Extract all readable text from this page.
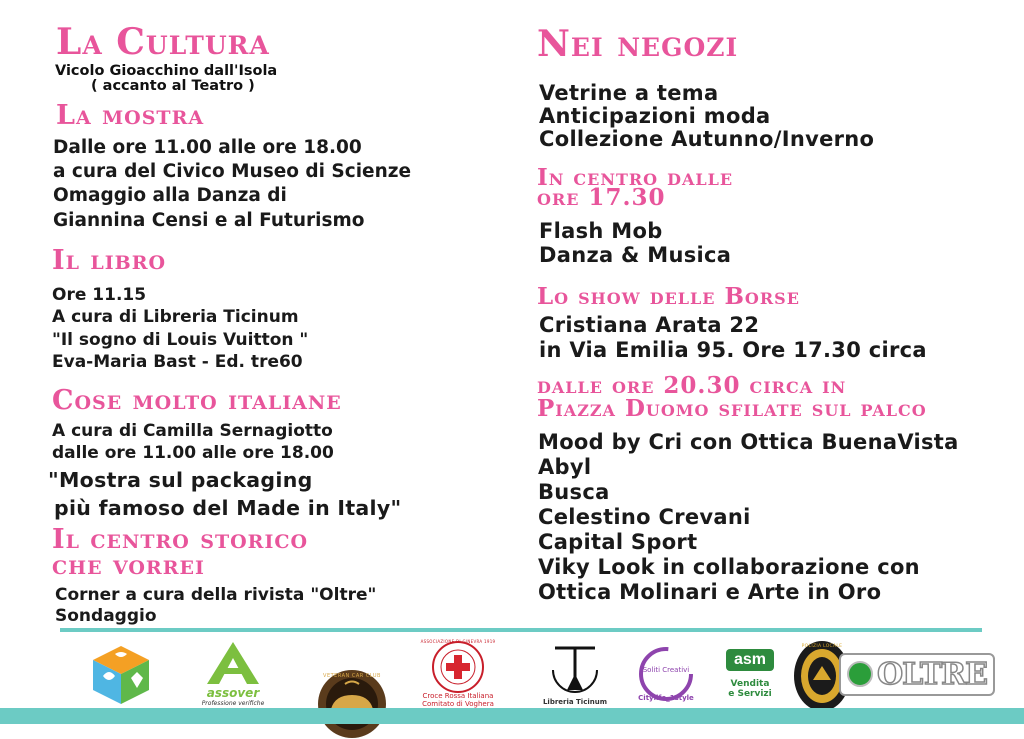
La Cultura
Vicolo Gioacchino dall'Isola
( accanto al Teatro )
La mostra
Dalle ore 11.00 alle ore 18.00
a cura del Civico Museo di Scienze
Omaggio alla Danza di
Giannina Censi e al Futurismo
Il libro
Ore 11.15
A cura di Libreria Ticinum
"Il sogno di Louis Vuitton "
Eva-Maria Bast - Ed. tre60
Cose molto italiane
A cura di Camilla Sernagiotto
dalle ore 11.00 alle ore 18.00
"Mostra sul packaging
più famoso del Made in Italy"
Il centro storico
che vorrei
Corner a cura della rivista "Oltre"
Sondaggio
Nei negozi
Vetrine a tema
Anticipazioni moda
Collezione Autunno/Inverno
In centro dalle
ore 17.30
Flash Mob
Danza & Musica
Lo show delle Borse
Cristiana Arata 22
in Via Emilia 95. Ore 17.30 circa
dalle ore 20.30 circa in
Piazza Duomo sfilate sul palco
Mood by Cri con Ottica BuenaVista
Abyl
Busca
Celestino Crevani
Capital Sport
Viky Look in collaborazione con
Ottica Molinari e Arte in Oro
assover
Professione verifiche
VETERAN CAR CLUB
ASSOCIAZIONE DI GINEVRA 1919
Croce Rossa Italiana
Comitato di Voghera	Libreria Ticinum
Soliti Creativi
Citylife_1style
asm
Vendita
e Servizi
POLIZIA LOCALE
OLTRE
